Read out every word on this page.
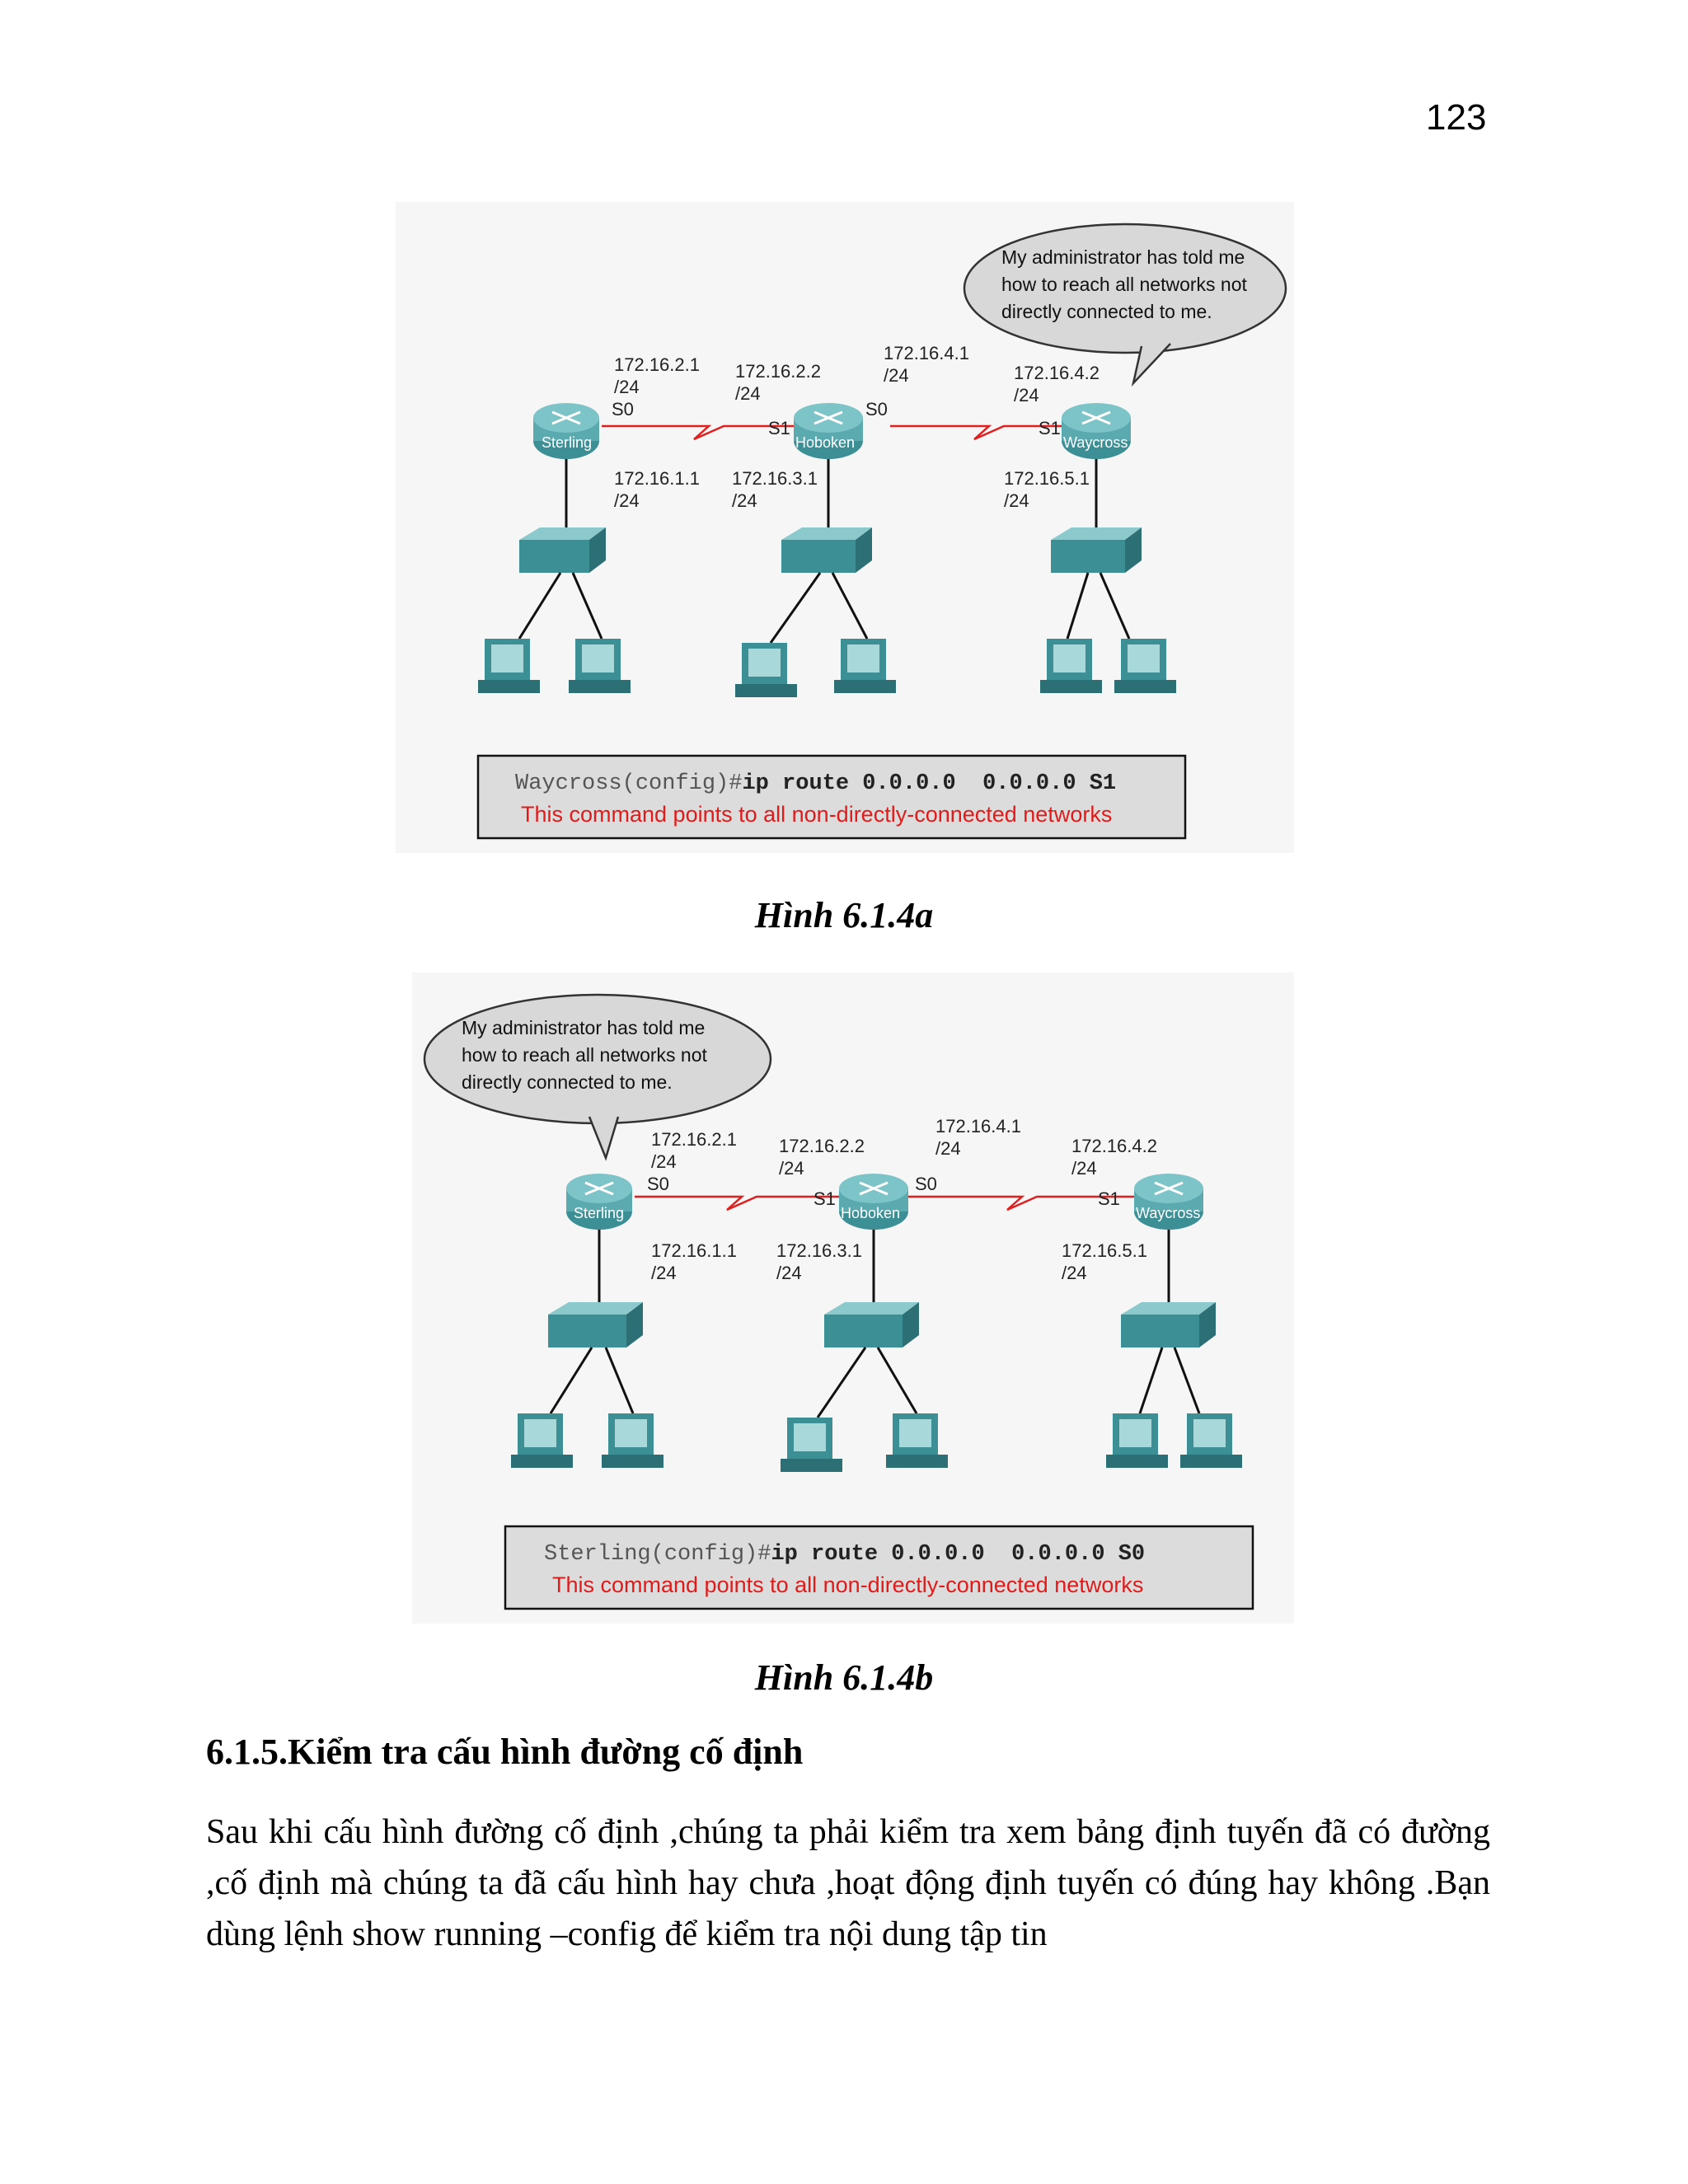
123
My administrator has told me
how to reach all networks not
directly connected to me.
Sterling	Hoboken	Waycross
172.16.2.1
/24
S0
172.16.2.2
/24
S1
172.16.4.1
/24
S0
172.16.4.2
/24
S1
172.16.1.1
/24
172.16.3.1
/24
172.16.5.1
/24
Waycross(config)#ip route 0.0.0.0  0.0.0.0 S1
This command points to all non-directly-connected networks
Hình 6.1.4a
My administrator has told me
how to reach all networks not
directly connected to me.
Sterling	Hoboken	Waycross
172.16.2.1
/24
S0
172.16.2.2
/24
S1
172.16.4.1
/24
S0
172.16.4.2
/24
S1
172.16.1.1
/24
172.16.3.1
/24
172.16.5.1
/24
Sterling(config)#ip route 0.0.0.0  0.0.0.0 S0
This command points to all non-directly-connected networks
Hình 6.1.4b
6.1.5.Kiểm tra cấu hình đường cố định
Sau khi cấu hình đường cố định ,chúng ta phải kiểm tra xem bảng định tuyến đã có đường ,cố định mà chúng ta đã cấu hình hay chưa ,hoạt động định tuyến có đúng hay không .Bạn dùng lệnh show running –config để kiểm tra nội dung tập tin
